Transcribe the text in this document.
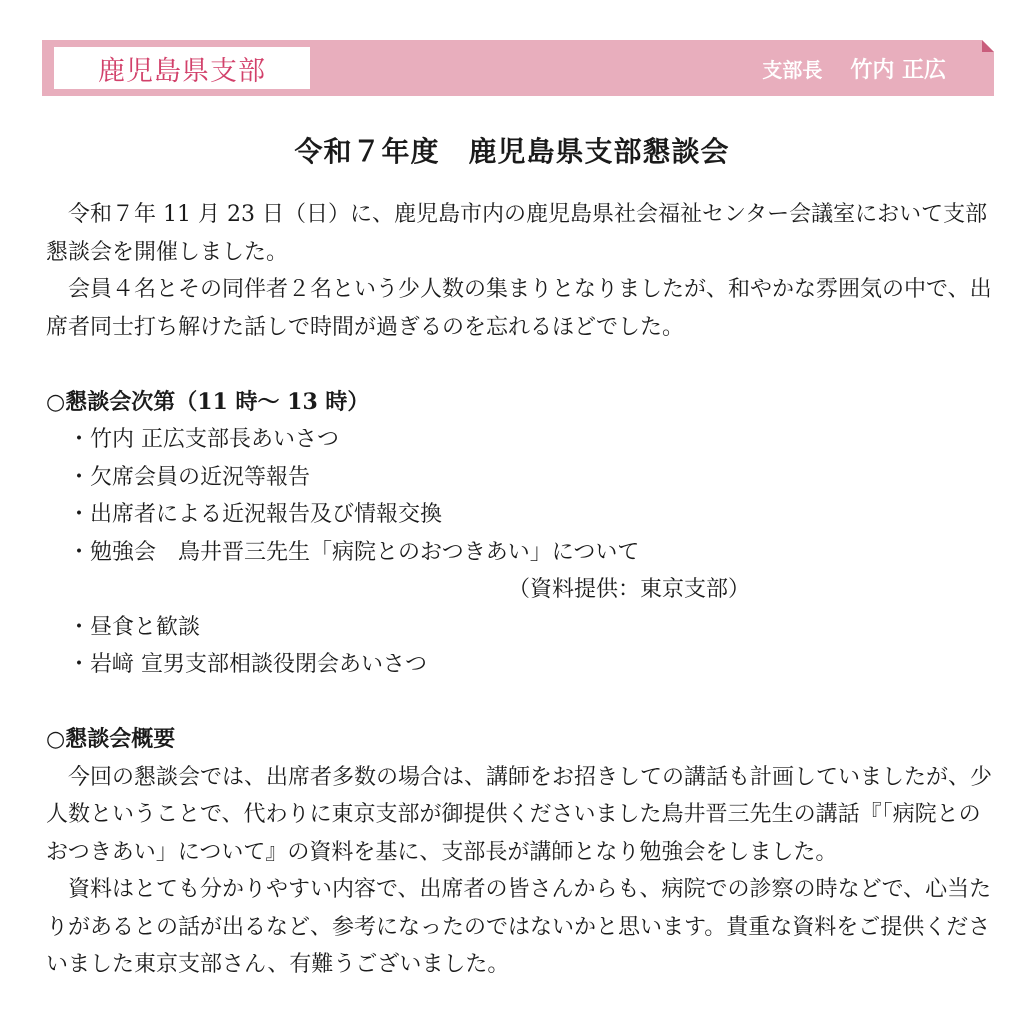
鹿児島県支部	支部長 竹内 正広
令和７年度　鹿児島県支部懇談会

令和７年 11 月 23 日（日）に、鹿児島市内の鹿児島県社会福祉センター会議室において支部懇談会を開催しました。

会員４名とその同伴者２名という少人数の集まりとなりましたが、和やかな雰囲気の中で、出席者同士打ち解けた話しで時間が過ぎるのを忘れるほどでした。

○懇談会次第（11 時～ 13 時）
・竹内 正広支部長あいさつ
・欠席会員の近況等報告
・出席者による近況報告及び情報交換
・勉強会　鳥井晋三先生「病院とのおつきあい」について
（資料提供：東京支部）
・昼食と歓談
・岩﨑 宣男支部相談役閉会あいさつ
○懇談会概要

今回の懇談会では、出席者多数の場合は、講師をお招きしての講話も計画していましたが、少人数ということで、代わりに東京支部が御提供くださいました鳥井晋三先生の講話『「病院とのおつきあい」について』の資料を基に、支部長が講師となり勉強会をしました。

資料はとても分かりやすい内容で、出席者の皆さんからも、病院での診察の時などで、心当たりがあるとの話が出るなど、参考になったのではないかと思います。貴重な資料をご提供くださいました東京支部さん、有難うございました。
